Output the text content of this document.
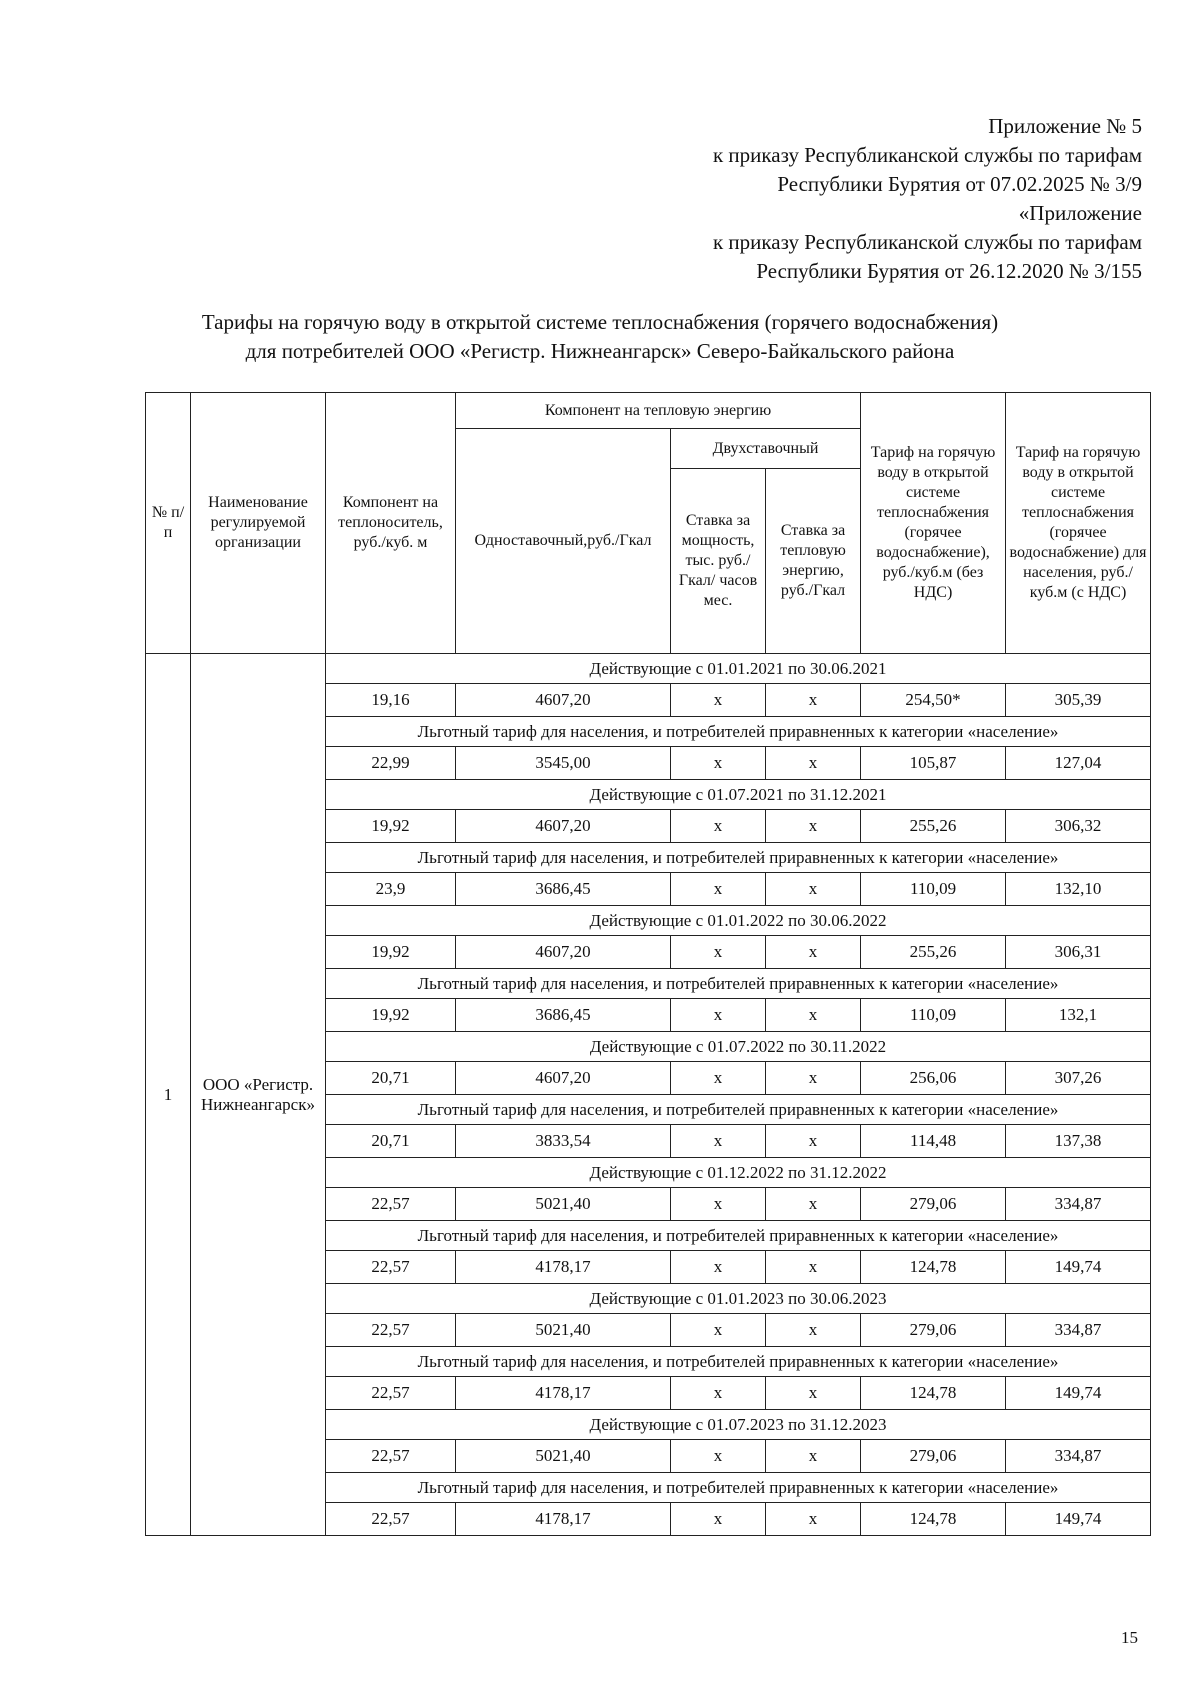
Приложение № 5
к приказу Республиканской службы по тарифам
Республики Бурятия от 07.02.2025 № 3/9
«Приложение
к приказу Республиканской службы по тарифам
Республики Бурятия от 26.12.2020 № 3/155
Тарифы на горячую воду в открытой системе теплоснабжения (горячего водоснабжения)
для потребителей ООО «Регистр. Нижнеангарск» Северо-Байкальского района
№ п/п	Наименование регулируемой организации	Компонент на теплоноситель, руб./куб. м	Компонент на тепловую энергию			Тариф на горячую воду в открытой системе теплоснабжения (горячее водоснабжение), руб./куб.м (без НДС)	Тариф на горячую воду в открытой системе теплоснабжения (горячее водоснабжение) для населения, руб./куб.м (с НДС)
			Одноставочный,руб./Гкал	Двухставочный			
				Ставка за мощность, тыс. руб./Гкал/ часов мес.	Ставка за тепловую энергию, руб./Гкал		
1	ООО «Регистр. Нижнеангарск»	Действующие с 01.01.2021 по 30.06.2021					
		19,16	4607,20	x	x	254,50*	305,39
		Льготный тариф для населения, и потребителей приравненных к категории «население»					
		22,99	3545,00	x	x	105,87	127,04
		Действующие с 01.07.2021 по 31.12.2021					
		19,92	4607,20	x	x	255,26	306,32
		Льготный тариф для населения, и потребителей приравненных к категории «население»					
		23,9	3686,45	x	x	110,09	132,10
		Действующие с 01.01.2022 по 30.06.2022					
		19,92	4607,20	x	x	255,26	306,31
		Льготный тариф для населения, и потребителей приравненных к категории «население»					
		19,92	3686,45	x	x	110,09	132,1
		Действующие с 01.07.2022 по 30.11.2022					
		20,71	4607,20	x	x	256,06	307,26
		Льготный тариф для населения, и потребителей приравненных к категории «население»					
		20,71	3833,54	x	x	114,48	137,38
		Действующие с 01.12.2022 по 31.12.2022					
		22,57	5021,40	x	x	279,06	334,87
		Льготный тариф для населения, и потребителей приравненных к категории «население»					
		22,57	4178,17	x	x	124,78	149,74
		Действующие с 01.01.2023 по 30.06.2023					
		22,57	5021,40	x	x	279,06	334,87
		Льготный тариф для населения, и потребителей приравненных к категории «население»					
		22,57	4178,17	x	x	124,78	149,74
		Действующие с 01.07.2023 по 31.12.2023					
		22,57	5021,40	x	x	279,06	334,87
		Льготный тариф для населения, и потребителей приравненных к категории «население»					
		22,57	4178,17	x	x	124,78	149,74
15
